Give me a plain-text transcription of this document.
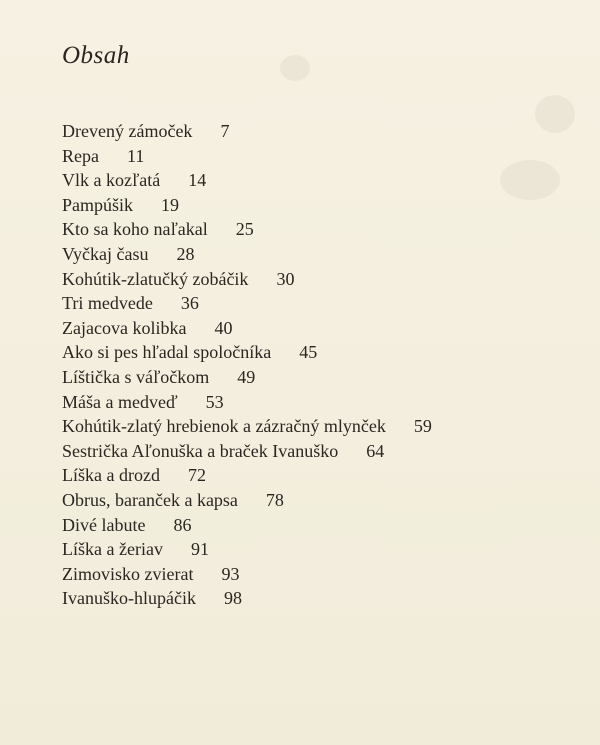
Obsah
Drevený zámoček 7
Repa 11
Vlk a kozľatá 14
Pampúšik 19
Kto sa koho naľakal 25
Vyčkaj času 28
Kohútik-zlatučký zobáčik 30
Tri medvede 36
Zajacova kolibka 40
Ako si pes hľadal spoločníka 45
Líštička s váľočkom 49
Máša a medveď 53
Kohútik-zlatý hrebienok a zázračný mlynček 59
Sestrička Aľonuška a braček Ivanuško 64
Líška a drozd 72
Obrus, baranček a kapsa 78
Divé labute 86
Líška a žeriav 91
Zimovisko zvierat 93
Ivanuško-hlupáčik 98
